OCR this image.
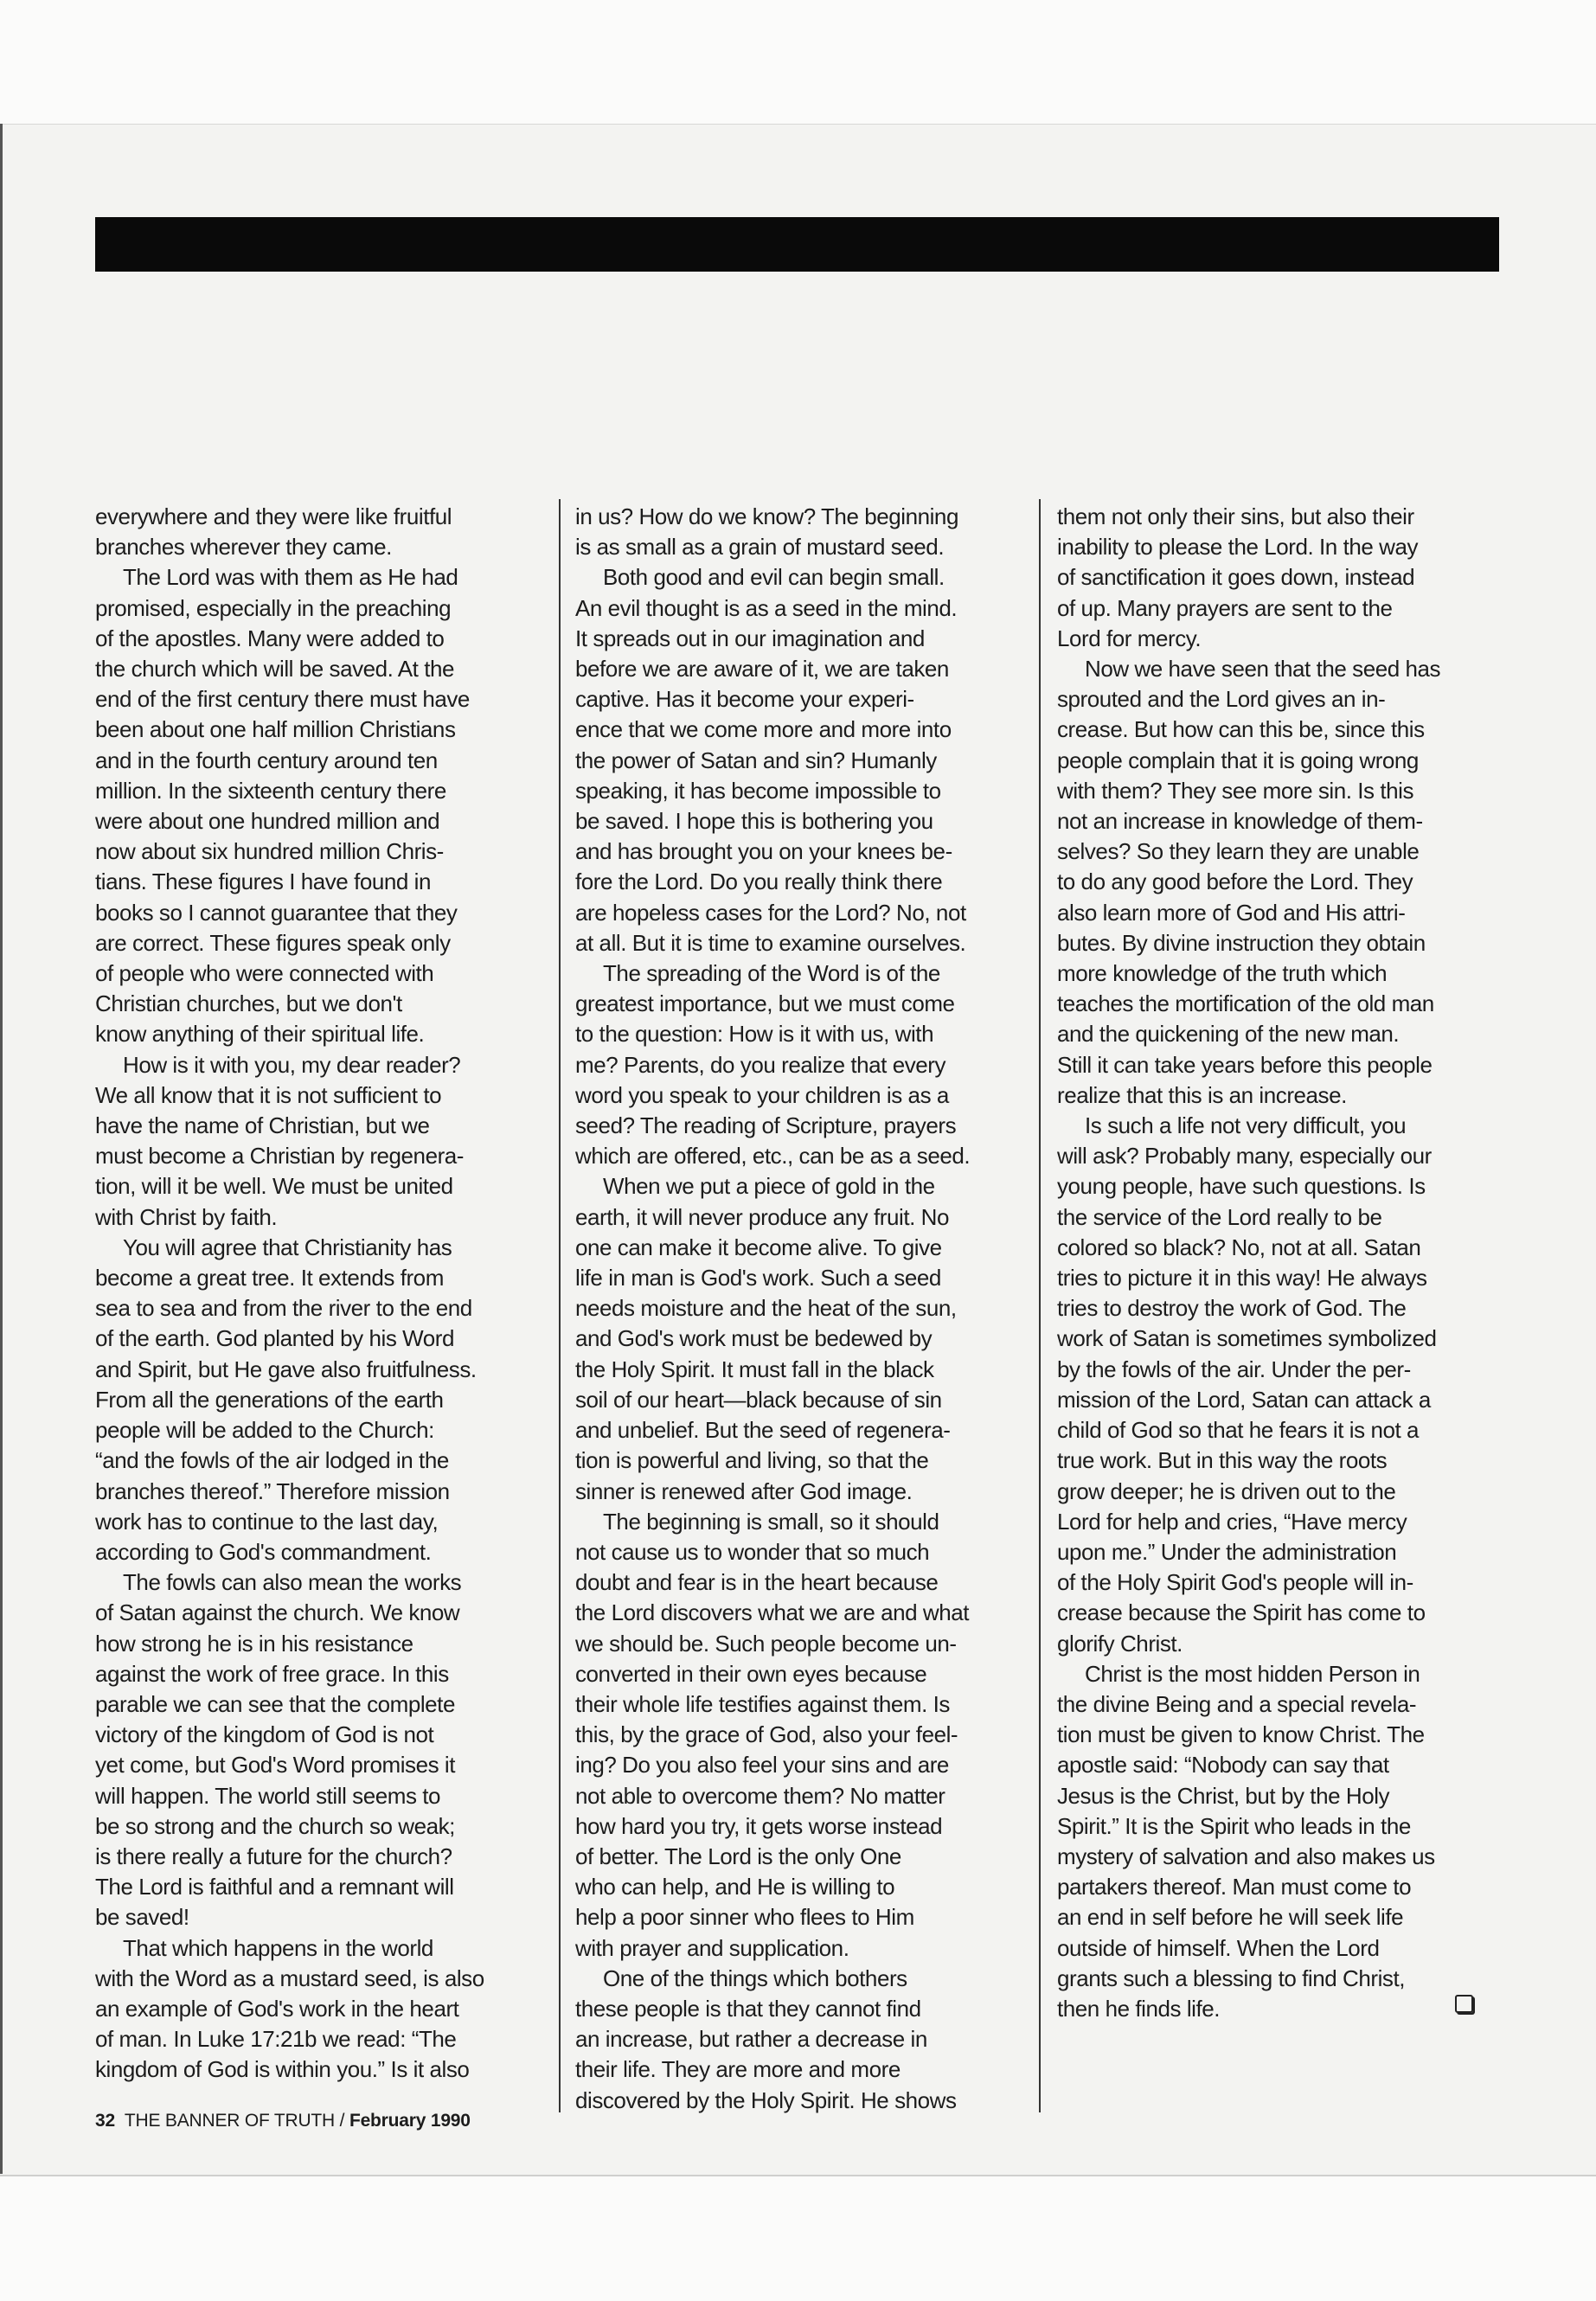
everywhere and they were like fruitful
branches wherever they came.
The Lord was with them as He had
promised, especially in the preaching
of the apostles. Many were added to
the church which will be saved. At the
end of the first century there must have
been about one half million Christians
and in the fourth century around ten
million. In the sixteenth century there
were about one hundred million and
now about six hundred million Chris-
tians. These figures I have found in
books so I cannot guarantee that they
are correct. These figures speak only
of people who were connected with
Christian churches, but we don't
know anything of their spiritual life.
How is it with you, my dear reader?
We all know that it is not sufficient to
have the name of Christian, but we
must become a Christian by regenera-
tion, will it be well. We must be united
with Christ by faith.
You will agree that Christianity has
become a great tree. It extends from
sea to sea and from the river to the end
of the earth. God planted by his Word
and Spirit, but He gave also fruitfulness.
From all the generations of the earth
people will be added to the Church:
“and the fowls of the air lodged in the
branches thereof.” Therefore mission
work has to continue to the last day,
according to God's commandment.
The fowls can also mean the works
of Satan against the church. We know
how strong he is in his resistance
against the work of free grace. In this
parable we can see that the complete
victory of the kingdom of God is not
yet come, but God's Word promises it
will happen. The world still seems to
be so strong and the church so weak;
is there really a future for the church?
The Lord is faithful and a remnant will
be saved!
That which happens in the world
with the Word as a mustard seed, is also
an example of God's work in the heart
of man. In Luke 17:21b we read: “The
kingdom of God is within you.” Is it also
in us? How do we know? The beginning
is as small as a grain of mustard seed.
Both good and evil can begin small.
An evil thought is as a seed in the mind.
It spreads out in our imagination and
before we are aware of it, we are taken
captive. Has it become your experi-
ence that we come more and more into
the power of Satan and sin? Humanly
speaking, it has become impossible to
be saved. I hope this is bothering you
and has brought you on your knees be-
fore the Lord. Do you really think there
are hopeless cases for the Lord? No, not
at all. But it is time to examine ourselves.
The spreading of the Word is of the
greatest importance, but we must come
to the question: How is it with us, with
me? Parents, do you realize that every
word you speak to your children is as a
seed? The reading of Scripture, prayers
which are offered, etc., can be as a seed.
When we put a piece of gold in the
earth, it will never produce any fruit. No
one can make it become alive. To give
life in man is God's work. Such a seed
needs moisture and the heat of the sun,
and God's work must be bedewed by
the Holy Spirit. It must fall in the black
soil of our heart—black because of sin
and unbelief. But the seed of regenera-
tion is powerful and living, so that the
sinner is renewed after God image.
The beginning is small, so it should
not cause us to wonder that so much
doubt and fear is in the heart because
the Lord discovers what we are and what
we should be. Such people become un-
converted in their own eyes because
their whole life testifies against them. Is
this, by the grace of God, also your feel-
ing? Do you also feel your sins and are
not able to overcome them? No matter
how hard you try, it gets worse instead
of better. The Lord is the only One
who can help, and He is willing to
help a poor sinner who flees to Him
with prayer and supplication.
One of the things which bothers
these people is that they cannot find
an increase, but rather a decrease in
their life. They are more and more
discovered by the Holy Spirit. He shows
them not only their sins, but also their
inability to please the Lord. In the way
of sanctification it goes down, instead
of up. Many prayers are sent to the
Lord for mercy.
Now we have seen that the seed has
sprouted and the Lord gives an in-
crease. But how can this be, since this
people complain that it is going wrong
with them? They see more sin. Is this
not an increase in knowledge of them-
selves? So they learn they are unable
to do any good before the Lord. They
also learn more of God and His attri-
butes. By divine instruction they obtain
more knowledge of the truth which
teaches the mortification of the old man
and the quickening of the new man.
Still it can take years before this people
realize that this is an increase.
Is such a life not very difficult, you
will ask? Probably many, especially our
young people, have such questions. Is
the service of the Lord really to be
colored so black? No, not at all. Satan
tries to picture it in this way! He always
tries to destroy the work of God. The
work of Satan is sometimes symbolized
by the fowls of the air. Under the per-
mission of the Lord, Satan can attack a
child of God so that he fears it is not a
true work. But in this way the roots
grow deeper; he is driven out to the
Lord for help and cries, “Have mercy
upon me.” Under the administration
of the Holy Spirit God's people will in-
crease because the Spirit has come to
glorify Christ.
Christ is the most hidden Person in
the divine Being and a special revela-
tion must be given to know Christ. The
apostle said: “Nobody can say that
Jesus is the Christ, but by the Holy
Spirit.” It is the Spirit who leads in the
mystery of salvation and also makes us
partakers thereof. Man must come to
an end in self before he will seek life
outside of himself. When the Lord
grants such a blessing to find Christ,
then he finds life.
32 THE BANNER OF TRUTH / February 1990
